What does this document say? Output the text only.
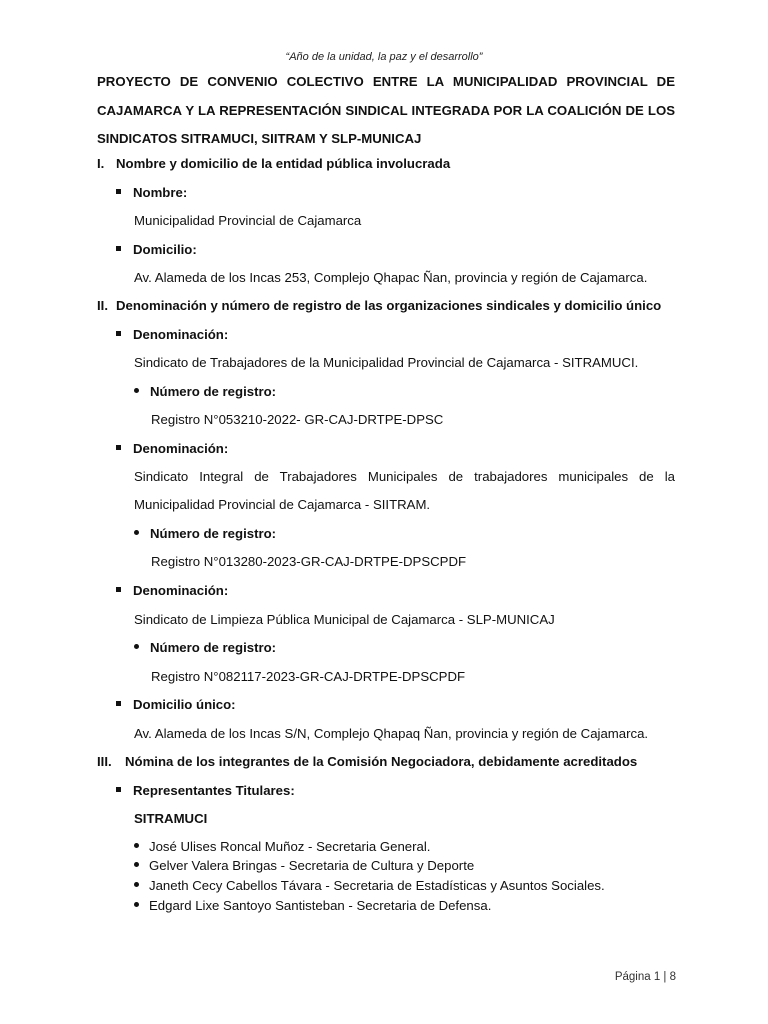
“Año de la unidad, la paz y el desarrollo”
PROYECTO DE CONVENIO COLECTIVO ENTRE LA MUNICIPALIDAD PROVINCIAL DE
CAJAMARCA Y LA REPRESENTACIÓN SINDICAL INTEGRADA POR LA COALICIÓN DE LOS
SINDICATOS SITRAMUCI, SIITRAM Y SLP-MUNICAJ
I. Nombre y domicilio de la entidad pública involucrada
Nombre:
Municipalidad Provincial de Cajamarca
Domicilio:
Av. Alameda de los Incas 253, Complejo Qhapac Ñan, provincia y región de Cajamarca.
II. Denominación y número de registro de las organizaciones sindicales y domicilio único
Denominación:
Sindicato de Trabajadores de la Municipalidad Provincial de Cajamarca - SITRAMUCI.
Número de registro:
Registro N°053210-2022- GR-CAJ-DRTPE-DPSC
Denominación:
Sindicato Integral de Trabajadores Municipales de trabajadores municipales de la
Municipalidad Provincial de Cajamarca - SIITRAM.
Número de registro:
Registro N°013280-2023-GR-CAJ-DRTPE-DPSCPDF
Denominación:
Sindicato de Limpieza Pública Municipal de Cajamarca - SLP-MUNICAJ
Número de registro:
Registro N°082117-2023-GR-CAJ-DRTPE-DPSCPDF
Domicilio único:
Av. Alameda de los Incas S/N, Complejo Qhapaq Ñan, provincia y región de Cajamarca.
III. Nómina de los integrantes de la Comisión Negociadora, debidamente acreditados
Representantes Titulares:
SITRAMUCI
José Ulises Roncal Muñoz - Secretaria General.
Gelver Valera Bringas - Secretaria de Cultura y Deporte
Janeth Cecy Cabellos Távara - Secretaria de Estadísticas y Asuntos Sociales.
Edgard Lixe Santoyo Santisteban - Secretaria de Defensa.
Página 1 | 8
